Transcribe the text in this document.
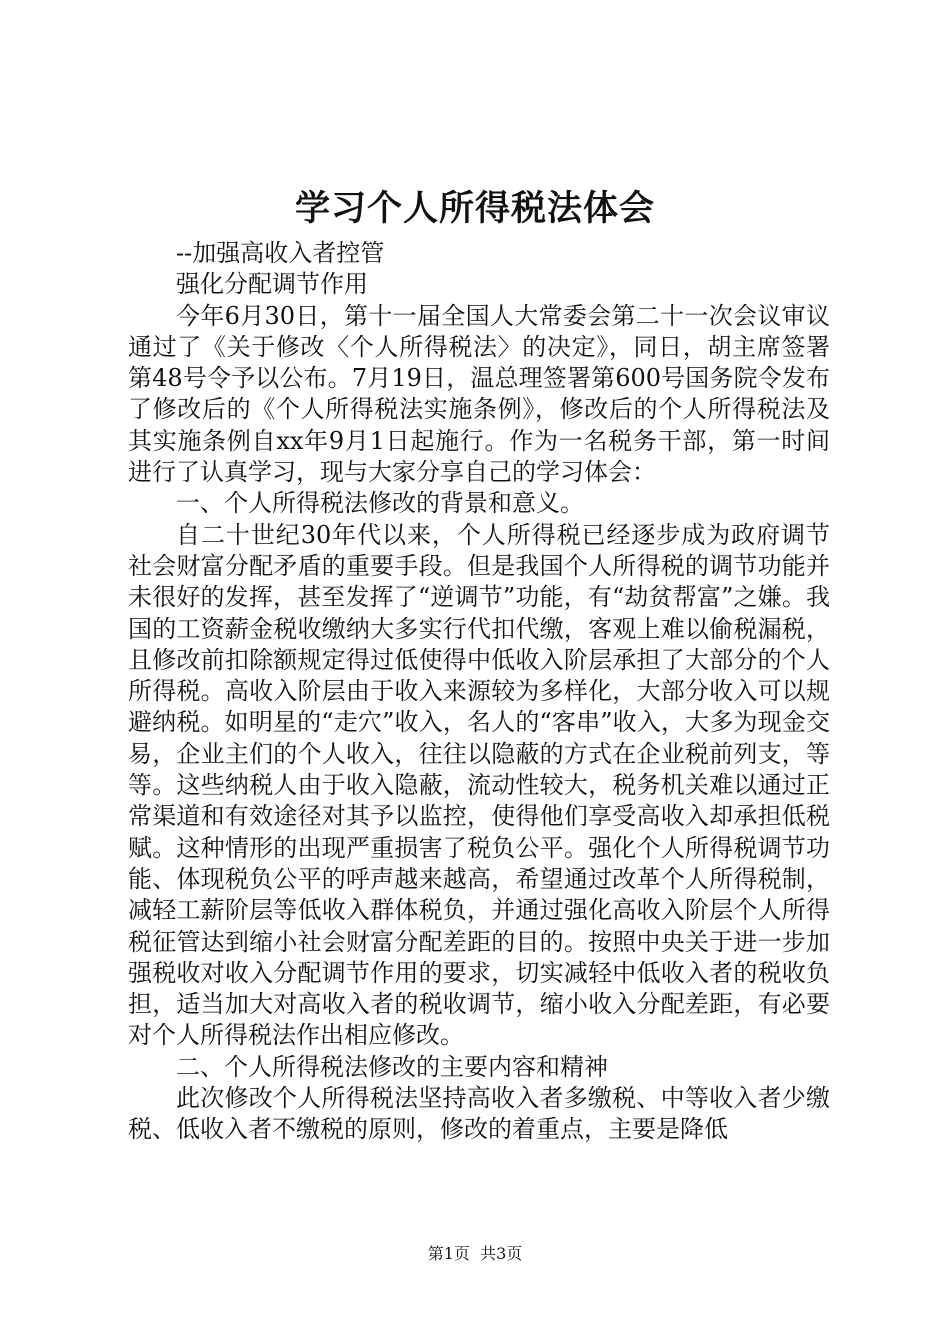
学习个人所得税法体会

--加强高收入者控管

强化分配调节作用

今年6月30日，第十一届全国人大常委会第二十一次会议审议通过了《关于修改〈个人所得税法〉的决定》，同日，胡主席签署第48号令予以公布。7月19日，温总理签署第600号国务院令发布了修改后的《个人所得税法实施条例》，修改后的个人所得税法及其实施条例自xx年9月1日起施行。作为一名税务干部，第一时间进行了认真学习，现与大家分享自己的学习体会：

一、个人所得税法修改的背景和意义。

自二十世纪30年代以来，个人所得税已经逐步成为政府调节社会财富分配矛盾的重要手段。但是我国个人所得税的调节功能并未很好的发挥，甚至发挥了“逆调节”功能，有“劫贫帮富”之嫌。我国的工资薪金税收缴纳大多实行代扣代缴，客观上难以偷税漏税，且修改前扣除额规定得过低使得中低收入阶层承担了大部分的个人所得税。高收入阶层由于收入来源较为多样化，大部分收入可以规避纳税。如明星的“走穴”收入，名人的“客串”收入，大多为现金交易，企业主们的个人收入，往往以隐蔽的方式在企业税前列支，等等。这些纳税人由于收入隐蔽，流动性较大，税务机关难以通过正常渠道和有效途径对其予以监控，使得他们享受高收入却承担低税赋。这种情形的出现严重损害了税负公平。强化个人所得税调节功能、体现税负公平的呼声越来越高，希望通过改革个人所得税制，减轻工薪阶层等低收入群体税负，并通过强化高收入阶层个人所得税征管达到缩小社会财富分配差距的目的。按照中央关于进一步加强税收对收入分配调节作用的要求，切实减轻中低收入者的税收负担，适当加大对高收入者的税收调节，缩小收入分配差距，有必要对个人所得税法作出相应修改。

二、个人所得税法修改的主要内容和精神

此次修改个人所得税法坚持高收入者多缴税、中等收入者少缴税、低收入者不缴税的原则，修改的着重点，主要是降低

第1页 共3页
